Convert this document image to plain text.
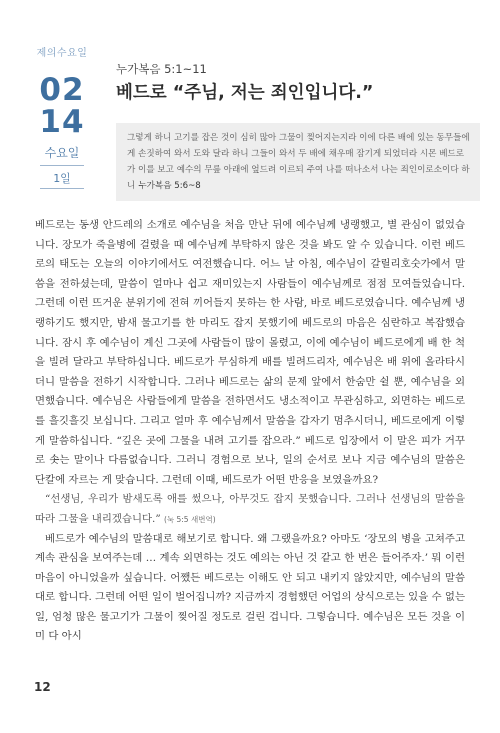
제의수요일
02
14
수요일
1일
누가복음 5:1~11
베드로 “주님, 저는 죄인입니다.”
그렇게 하니 고기를 잡은 것이 심히 많아 그물이 찢어지는지라 이에 다른 배에 있는 동무들에게 손짓하여 와서 도와 달라 하니 그들이 와서 두 배에 채우매 잠기게 되었더라 시몬 베드로가 이를 보고 예수의 무릎 아래에 엎드려 이르되 주여 나를 떠나소서 나는 죄인이로소이다 하니 누가복음 5:6~8

베드로는 동생 안드레의 소개로 예수님을 처음 만난 뒤에 예수님께 냉랭했고, 별 관심이 없었습니다. 장모가 죽을병에 걸렸을 때 예수님께 부탁하지 않은 것을 봐도 알 수 있습니다. 이런 베드로의 태도는 오늘의 이야기에서도 여전했습니다. 어느 날 아침, 예수님이 갈릴리호숫가에서 말씀을 전하셨는데, 말씀이 얼마나 쉽고 재미있는지 사람들이 예수님께로 점점 모여들었습니다. 그런데 이런 뜨거운 분위기에 전혀 끼어들지 못하는 한 사람, 바로 베드로였습니다. 예수님께 냉랭하기도 했지만, 밤새 물고기를 한 마리도 잡지 못했기에 베드로의 마음은 심란하고 복잡했습니다. 잠시 후 예수님이 계신 그곳에 사람들이 많이 몰렸고, 이에 예수님이 베드로에게 배 한 척을 빌려 달라고 부탁하십니다. 베드로가 무심하게 배를 빌려드리자, 예수님은 배 위에 올라타시더니 말씀을 전하기 시작합니다. 그러나 베드로는 삶의 문제 앞에서 한숨만 쉴 뿐, 예수님을 외면했습니다. 예수님은 사람들에게 말씀을 전하면서도 냉소적이고 무관심하고, 외면하는 베드로를 흘깃흘깃 보십니다. 그리고 얼마 후 예수님께서 말씀을 갑자기 멈추시더니, 베드로에게 이렇게 말씀하십니다. “깊은 곳에 그물을 내려 고기를 잡으라.” 베드로 입장에서 이 말은 피가 거꾸로 솟는 말이나 다름없습니다. 그러니 경험으로 보나, 일의 순서로 보나 지금 예수님의 말씀은 단칼에 자르는 게 맞습니다. 그런데 이때, 베드로가 어떤 반응을 보였을까요?

“선생님, 우리가 밤새도록 애를 썼으나, 아무것도 잡지 못했습니다. 그러나 선생님의 말씀을 따라 그물을 내리겠습니다.” (눅 5:5 새번역)

베드로가 예수님의 말씀대로 해보기로 합니다. 왜 그랬을까요? 아마도 ‘장모의 병을 고쳐주고 계속 관심을 보여주는데 … 계속 외면하는 것도 예의는 아닌 것 같고 한 번은 들어주자.’ 뭐 이런 마음이 아니었을까 싶습니다. 어쨌든 베드로는 이해도 안 되고 내키지 않았지만, 예수님의 말씀대로 합니다. 그런데 어떤 일이 벌어집니까? 지금까지 경험했던 어업의 상식으로는 있을 수 없는 일, 엄청 많은 물고기가 그물이 찢어질 정도로 걸린 겁니다. 그렇습니다. 예수님은 모든 것을 이미 다 아시

12
